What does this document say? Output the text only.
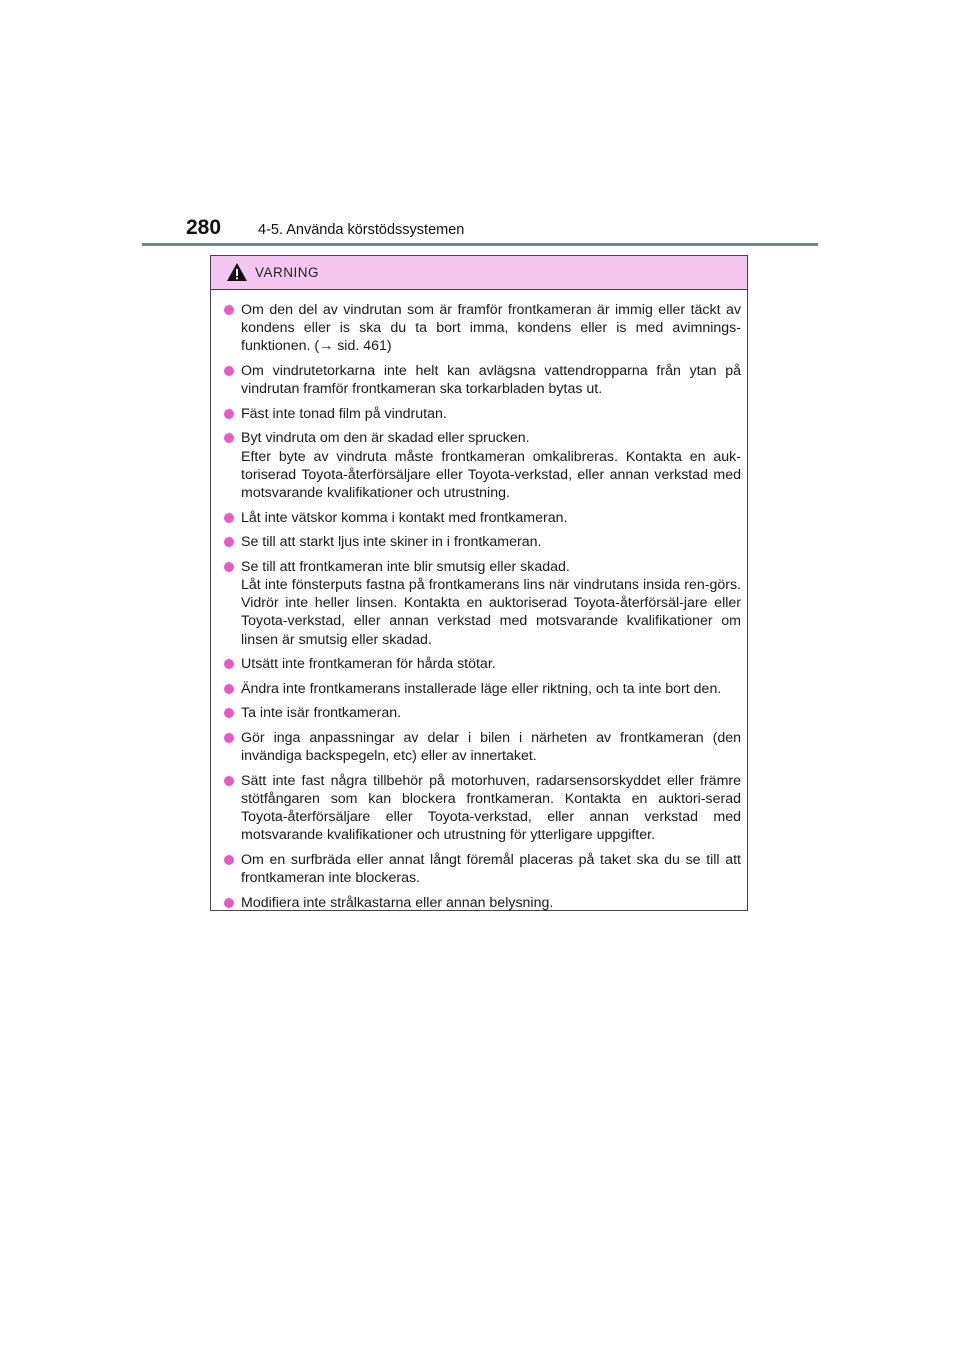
280	4-5. Använda körstödssystemen
VARNING

Om den del av vindrutan som är framför frontkameran är immig eller täckt av kondens eller is ska du ta bort imma, kondens eller is med avimnings-funktionen. (→ sid. 461)

Om vindrutetorkarna inte helt kan avlägsna vattendropparna från ytan på vindrutan framför frontkameran ska torkarbladen bytas ut.

Fäst inte tonad film på vindrutan.

Byt vindruta om den är skadad eller sprucken.

Efter byte av vindruta måste frontkameran omkalibreras. Kontakta en auk-toriserad Toyota-återförsäljare eller Toyota-verkstad, eller annan verkstad med motsvarande kvalifikationer och utrustning.

Låt inte vätskor komma i kontakt med frontkameran.

Se till att starkt ljus inte skiner in i frontkameran.

Se till att frontkameran inte blir smutsig eller skadad.

Låt inte fönsterputs fastna på frontkamerans lins när vindrutans insida ren-görs. Vidrör inte heller linsen. Kontakta en auktoriserad Toyota-återförsäl-jare eller Toyota-verkstad, eller annan verkstad med motsvarande kvalifikationer om linsen är smutsig eller skadad.

Utsätt inte frontkameran för hårda stötar.

Ändra inte frontkamerans installerade läge eller riktning, och ta inte bort den.

Ta inte isär frontkameran.

Gör inga anpassningar av delar i bilen i närheten av frontkameran (den invändiga backspegeln, etc) eller av innertaket.

Sätt inte fast några tillbehör på motorhuven, radarsensorskyddet eller främre stötfångaren som kan blockera frontkameran. Kontakta en auktori-serad Toyota-återförsäljare eller Toyota-verkstad, eller annan verkstad med motsvarande kvalifikationer och utrustning för ytterligare uppgifter.

Om en surfbräda eller annat långt föremål placeras på taket ska du se till att frontkameran inte blockeras.

Modifiera inte strålkastarna eller annan belysning.
